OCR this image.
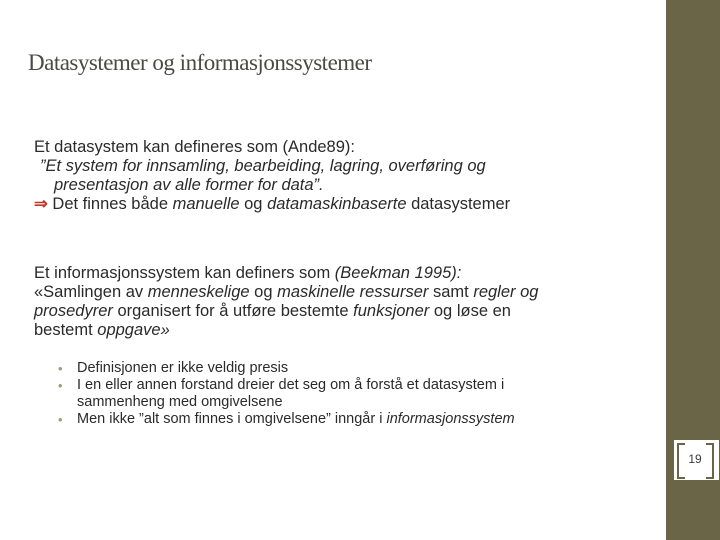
Datasystemer og informasjonssystemer
Et datasystem kan defineres som (Ande89):
”Et system for innsamling, bearbeiding, lagring, overføring og
presentasjon av alle former for data”.
⇒ Det finnes både manuelle og datamaskinbaserte datasystemer
Et informasjonssystem kan definers som (Beekman 1995):
«Samlingen av menneskelige og maskinelle ressurser samt regler og
prosedyrer organisert for å utføre bestemte funksjoner og løse en
bestemt oppgave»
• Definisjonen er ikke veldig presis
• I en eller annen forstand dreier det seg om å forstå et datasystem i
sammenheng med omgivelsene
• Men ikke ”alt som finnes i omgivelsene” inngår i informasjonssystem
19
